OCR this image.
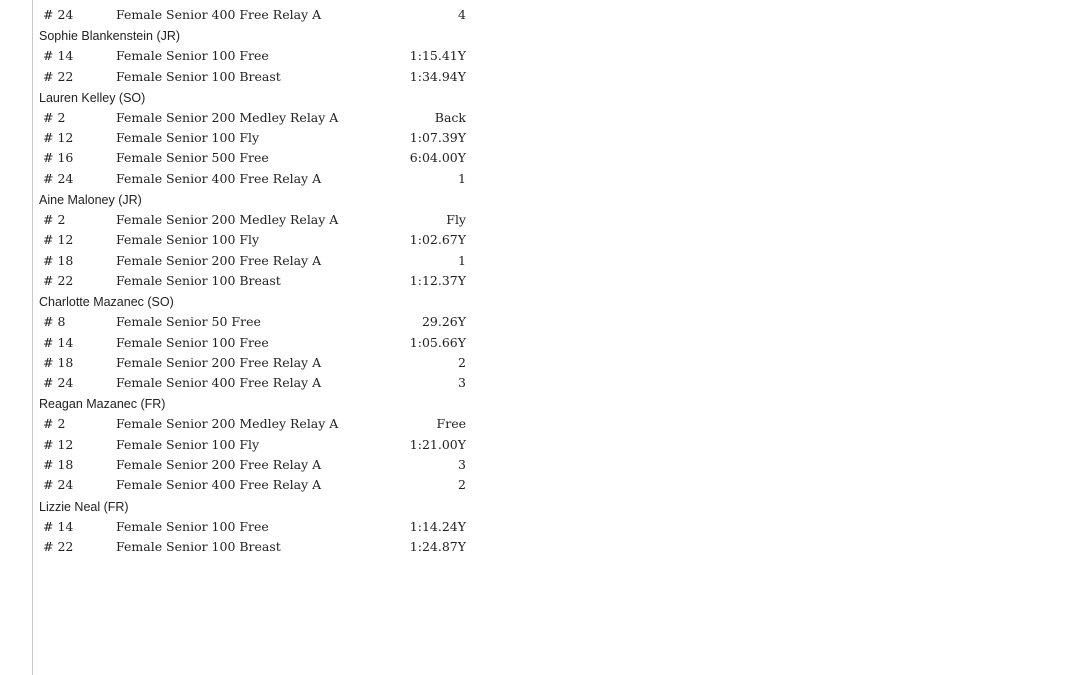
# 24	Female Senior 400 Free Relay A	4
Sophie Blankenstein (JR)
# 14	Female Senior 100 Free	1:15.41Y
# 22	Female Senior 100 Breast	1:34.94Y
Lauren Kelley (SO)
# 2	Female Senior 200 Medley Relay A	Back
# 12	Female Senior 100 Fly	1:07.39Y
# 16	Female Senior 500 Free	6:04.00Y
# 24	Female Senior 400 Free Relay A	1
Aine Maloney (JR)
# 2	Female Senior 200 Medley Relay A	Fly
# 12	Female Senior 100 Fly	1:02.67Y
# 18	Female Senior 200 Free Relay A	1
# 22	Female Senior 100 Breast	1:12.37Y
Charlotte Mazanec (SO)
# 8	Female Senior 50 Free	29.26Y
# 14	Female Senior 100 Free	1:05.66Y
# 18	Female Senior 200 Free Relay A	2
# 24	Female Senior 400 Free Relay A	3
Reagan Mazanec (FR)
# 2	Female Senior 200 Medley Relay A	Free
# 12	Female Senior 100 Fly	1:21.00Y
# 18	Female Senior 200 Free Relay A	3
# 24	Female Senior 400 Free Relay A	2
Lizzie Neal (FR)
# 14	Female Senior 100 Free	1:14.24Y
# 22	Female Senior 100 Breast	1:24.87Y
